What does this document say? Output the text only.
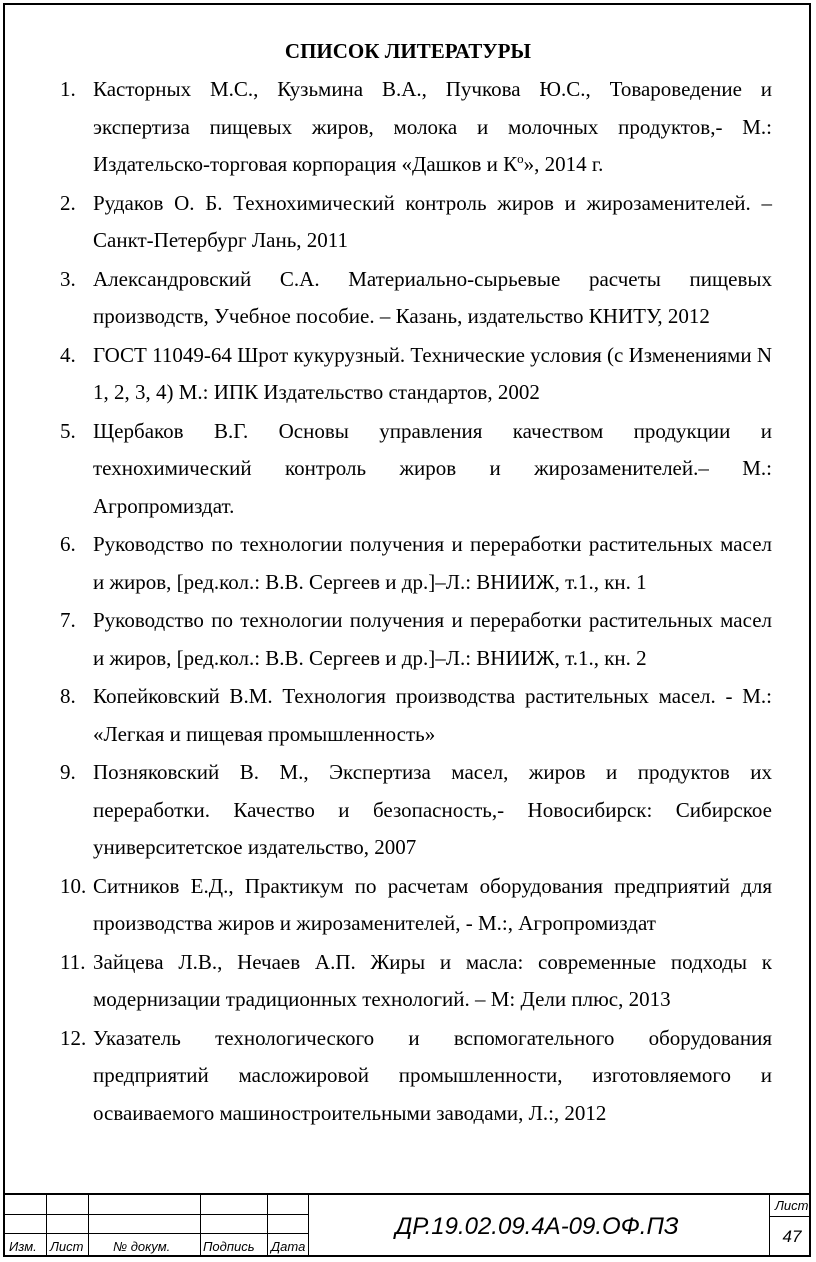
СПИСОК ЛИТЕРАТУРЫ
1. Касторных М.С., Кузьмина В.А., Пучкова Ю.С., Товароведение и экспертиза пищевых жиров, молока и молочных продуктов,- М.: Издательско-торговая корпорация «Дашков и $К^о$», 2014 г.
2. Рудаков О. Б. Технохимический контроль жиров и жирозаменителей. – Санкт-Петербург Лань, 2011
3. Александровский С.А. Материально-сырьевые расчеты пищевых производств, Учебное пособие. – Казань, издательство КНИТУ, 2012
4. ГОСТ 11049-64 Шрот кукурузный. Технические условия (с Изменениями N 1, 2, 3, 4) М.: ИПК Издательство стандартов, 2002
5. Щербаков В.Г. Основы управления качеством продукции и технохимический контроль жиров и жирозаменителей.– М.: Агропромиздат.
6. Руководство по технологии получения и переработки растительных масел и жиров, [ред.кол.: В.В. Сергеев и др.]–Л.: ВНИИЖ, т.1., кн. 1
7. Руководство по технологии получения и переработки растительных масел и жиров, [ред.кол.: В.В. Сергеев и др.]–Л.: ВНИИЖ, т.1., кн. 2
8. Копейковский В.М. Технология производства растительных масел. - М.: «Легкая и пищевая промышленность»
9. Позняковский В. М., Экспертиза масел, жиров и продуктов их переработки. Качество и безопасность,- Новосибирск: Сибирское университетское издательство, 2007
10. Ситников Е.Д., Практикум по расчетам оборудования предприятий для производства жиров и жирозаменителей, - М.:, Агропромиздат
11. Зайцева Л.В., Нечаев А.П. Жиры и масла: современные подходы к модернизации традиционных технологий. – М: Дели плюс, 2013
12. Указатель технологического и вспомогательного оборудования предприятий масложировой промышленности, изготовляемого и осваиваемого машиностроительными заводами, Л.:, 2012
Изм. Лист № докум.	Подпись Дата
ДР.19.02.09.4А-09.ОФ.ПЗ
Лист
47
